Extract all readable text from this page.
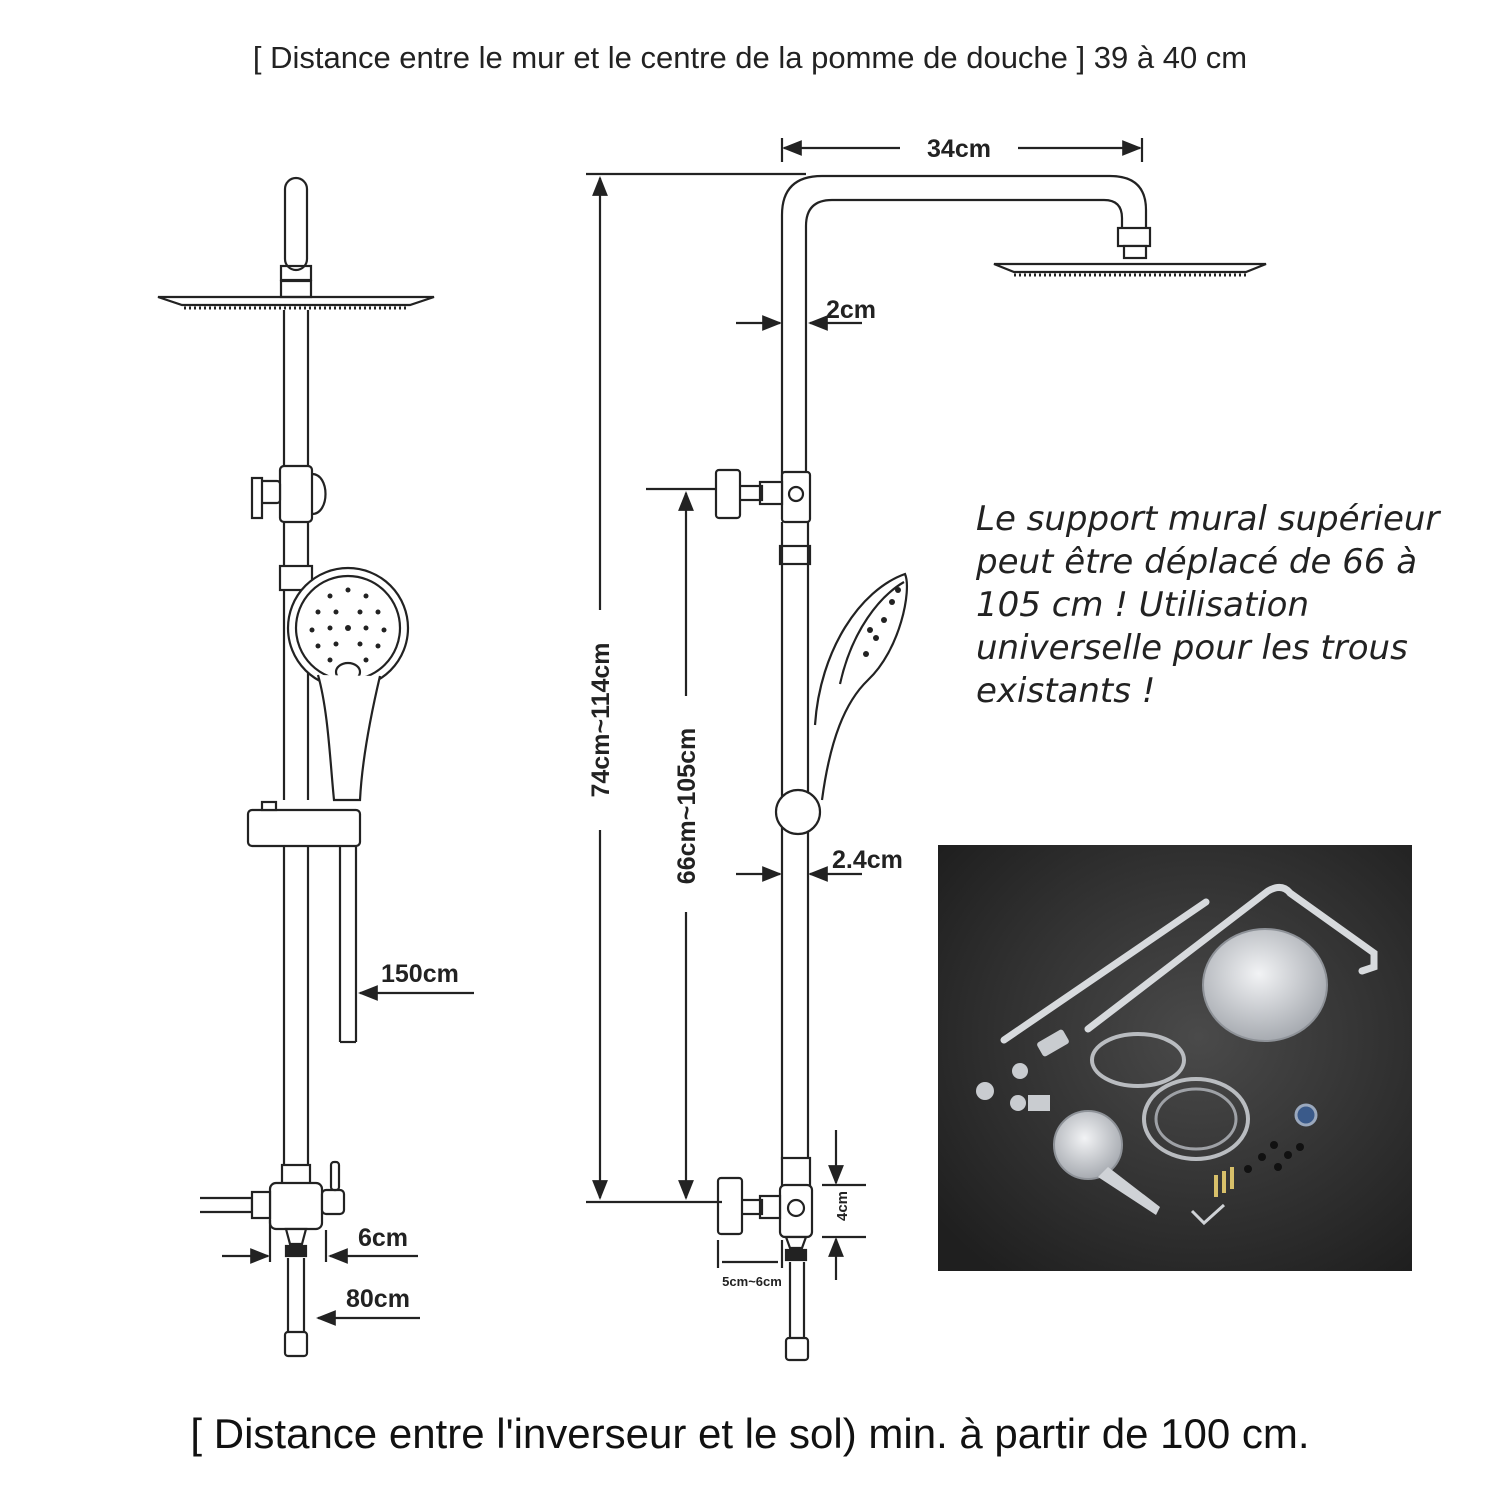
34cm
2cm
2.4cm
150cm
6cm
80cm
5cm~6cm
74cm~114cm
66cm~105cm
4cm
[ Distance entre le mur et le centre de la pomme de douche ] 39 à 40 cm
Le support mural supérieur
peut être déplacé de 66 à
105 cm ! Utilisation
universelle pour les trous
existants !
[ Distance entre l'inverseur et le sol) min. à partir de 100 cm.
